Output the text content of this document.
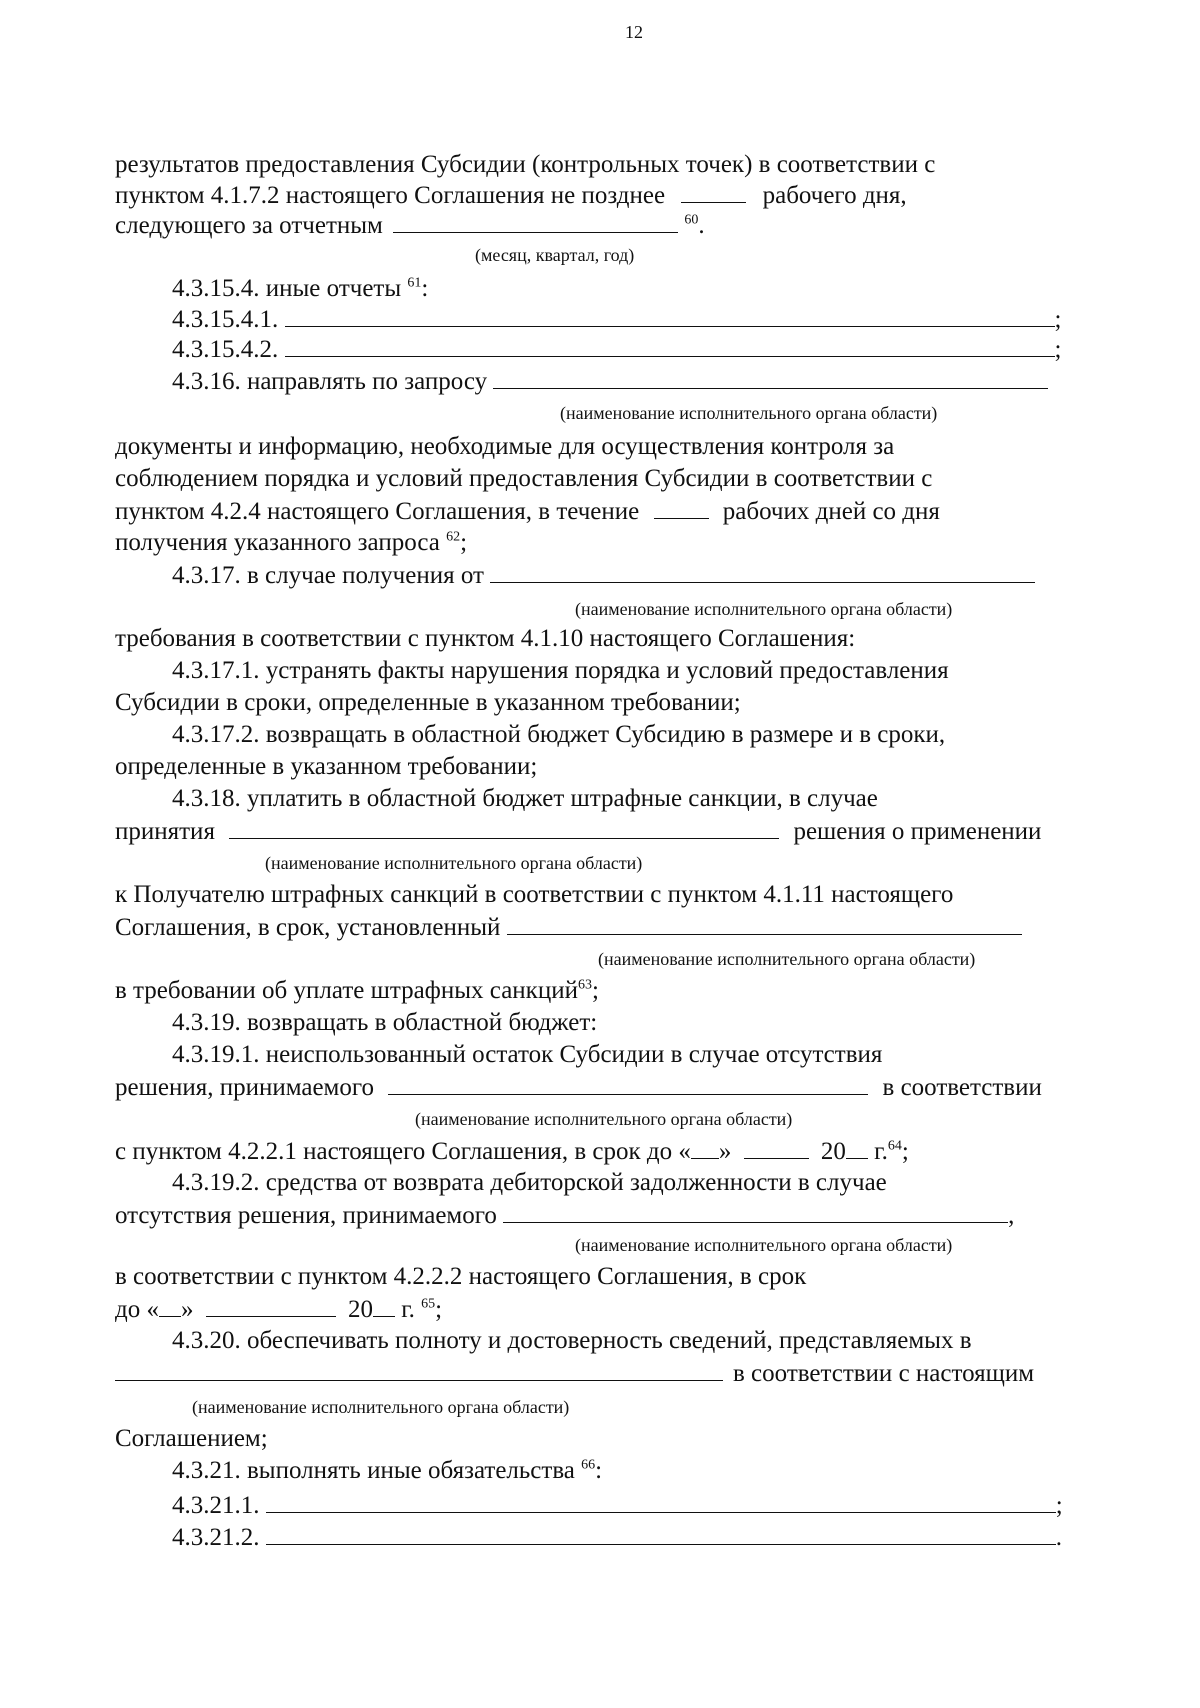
12
результатов предоставления Субсидии (контрольных точек) в соответствии с
пунктом 4.1.7.2 настоящего Соглашения не позднее	рабочего дня,
следующего за отчетным	$^{60}$.
(месяц, квартал, год)
4.3.15.4. иные отчеты $^{61}$:
4.3.15.4.1.	;
4.3.15.4.2.	;
4.3.16. направлять по запросу
(наименование исполнительного органа области)
документы и информацию, необходимые для осуществления контроля за
соблюдением порядка и условий предоставления Субсидии в соответствии с
пунктом 4.2.4 настоящего Соглашения, в течение	рабочих дней со дня
получения указанного запроса $^{62}$;
4.3.17. в случае получения от
(наименование исполнительного органа области)
требования в соответствии с пунктом 4.1.10 настоящего Соглашения:
4.3.17.1. устранять факты нарушения порядка и условий предоставления
Субсидии в сроки, определенные в указанном требовании;
4.3.17.2. возвращать в областной бюджет Субсидию в размере и в сроки,
определенные в указанном требовании;
4.3.18. уплатить в областной бюджет штрафные санкции, в случае
принятия	решения о применении
(наименование исполнительного органа области)
к Получателю штрафных санкций в соответствии с пунктом 4.1.11 настоящего
Соглашения, в срок, установленный
(наименование исполнительного органа области)
в требовании об уплате штрафных санкций$^{63}$;
4.3.19. возвращать в областной бюджет:
4.3.19.1. неиспользованный остаток Субсидии в случае отсутствия
решения, принимаемого	в соответствии
(наименование исполнительного органа области)
с пунктом 4.2.2.1 настоящего Соглашения, в срок до « »	20 г.$^{64}$;
4.3.19.2. средства от возврата дебиторской задолженности в случае
отсутствия решения, принимаемого	,
(наименование исполнительного органа области)
в соответствии с пунктом 4.2.2.2 настоящего Соглашения, в срок
до « »	20 г. $^{65}$;
4.3.20. обеспечивать полноту и достоверность сведений, представляемых в
в соответствии с настоящим
(наименование исполнительного органа области)
Соглашением;
4.3.21. выполнять иные обязательства $^{66}$:
4.3.21.1.	;
4.3.21.2.	.
